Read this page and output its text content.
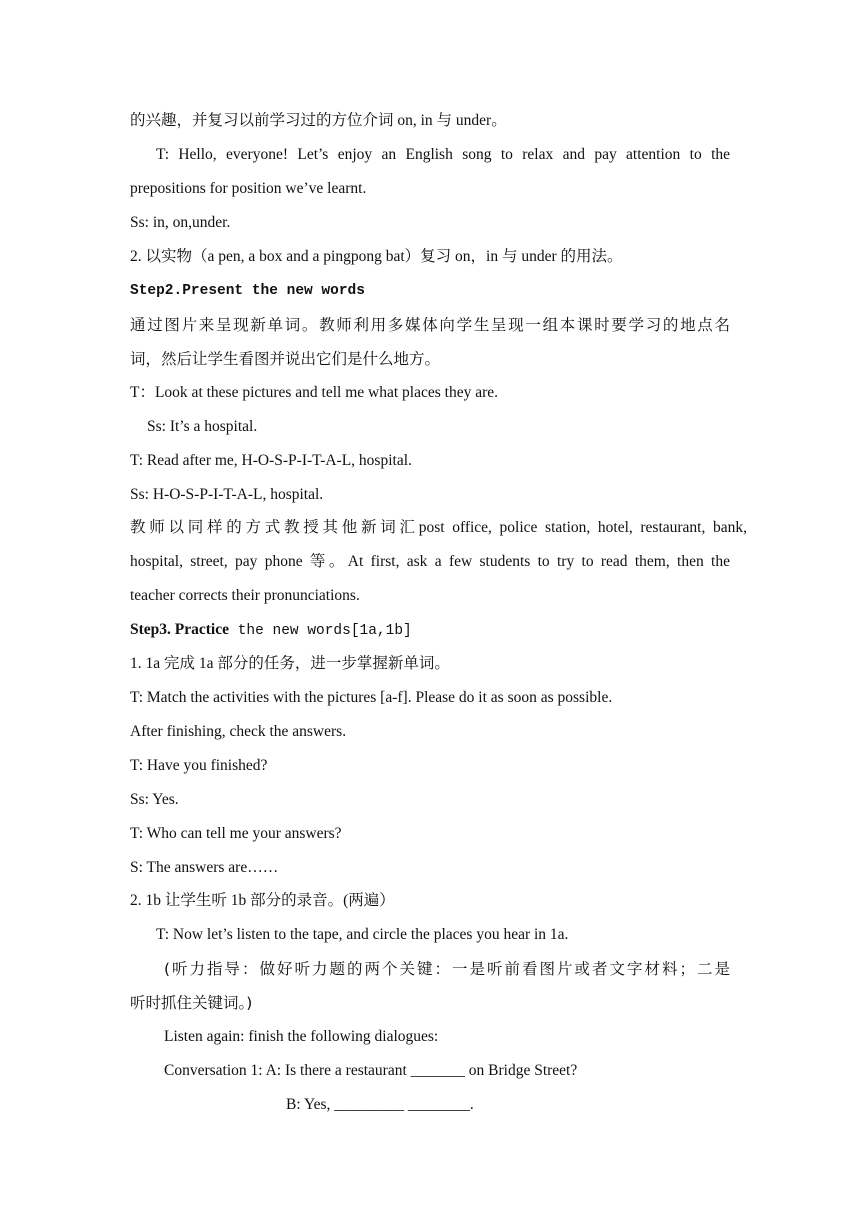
的兴趣，并复习以前学习过的方位介词 on, in 与 under。
T: Hello, everyone! Let’s enjoy an English song to relax and pay attention to the
prepositions for position we’ve learnt.
Ss: in, on,under.
2. 以实物（a pen, a box and a pingpong bat）复习 on，in 与 under 的用法。
Step2.Present the new words
通过图片来呈现新单词。教师利用多媒体向学生呈现一组本课时要学习的地点名
词，然后让学生看图并说出它们是什么地方。
T：Look at these pictures and tell me what places they are.
Ss: It’s a hospital.
T: Read after me, H-O-S-P-I-T-A-L, hospital.
Ss: H-O-S-P-I-T-A-L, hospital.
教师以同样的方式教授其他新词汇post office, police station, hotel, restaurant, bank,
hospital, street, pay phone 等。At first, ask a few students to try to read them, then the
teacher corrects their pronunciations.
Step3. Practice the new words[1a,1b]
1. 1a 完成 1a 部分的任务，进一步掌握新单词。
T: Match the activities with the pictures [a-f]. Please do it as soon as possible.
After finishing, check the answers.
T: Have you finished?
Ss: Yes.
T: Who can tell me your answers?
S: The answers are……
2. 1b 让学生听 1b 部分的录音。(两遍）
T: Now let’s listen to the tape, and circle the places you hear in 1a.
(听力指导：做好听力题的两个关键：一是听前看图片或者文字材料；二是
听时抓住关键词。)
Listen again: finish the following dialogues:
Conversation 1: A: Is there a restaurant _______ on Bridge Street?
B: Yes, _________ ________.
